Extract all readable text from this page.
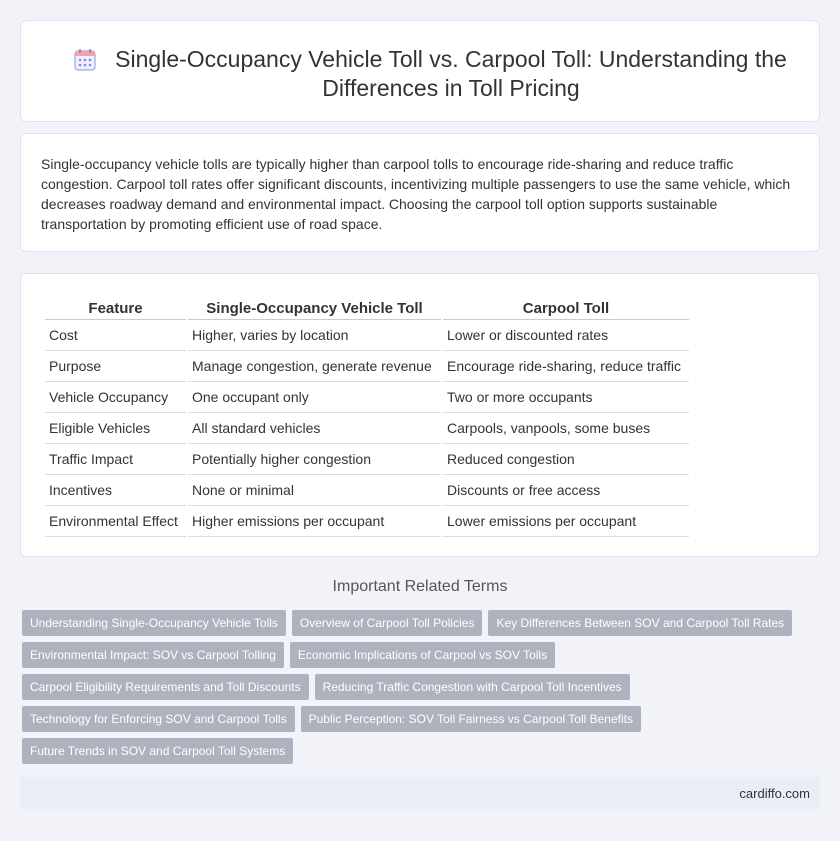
Single-Occupancy Vehicle Toll vs. Carpool Toll: Understanding the Differences in Toll Pricing

Single-occupancy vehicle tolls are typically higher than carpool tolls to encourage ride-sharing and reduce traffic congestion. Carpool toll rates offer significant discounts, incentivizing multiple passengers to use the same vehicle, which decreases roadway demand and environmental impact. Choosing the carpool toll option supports sustainable transportation by promoting efficient use of road space.

Feature	Single-Occupancy Vehicle Toll	Carpool Toll
Cost	Higher, varies by location	Lower or discounted rates
Purpose	Manage congestion, generate revenue	Encourage ride-sharing, reduce traffic
Vehicle Occupancy	One occupant only	Two or more occupants
Eligible Vehicles	All standard vehicles	Carpools, vanpools, some buses
Traffic Impact	Potentially higher congestion	Reduced congestion
Incentives	None or minimal	Discounts or free access
Environmental Effect	Higher emissions per occupant	Lower emissions per occupant
Important Related Terms
Understanding Single-Occupancy Vehicle Tolls	Overview of Carpool Toll Policies	Key Differences Between SOV and Carpool Toll Rates
Environmental Impact: SOV vs Carpool Tolling	Economic Implications of Carpool vs SOV Tolls
Carpool Eligibility Requirements and Toll Discounts	Reducing Traffic Congestion with Carpool Toll Incentives
Technology for Enforcing SOV and Carpool Tolls	Public Perception: SOV Toll Fairness vs Carpool Toll Benefits
Future Trends in SOV and Carpool Toll Systems
cardiffo.com
